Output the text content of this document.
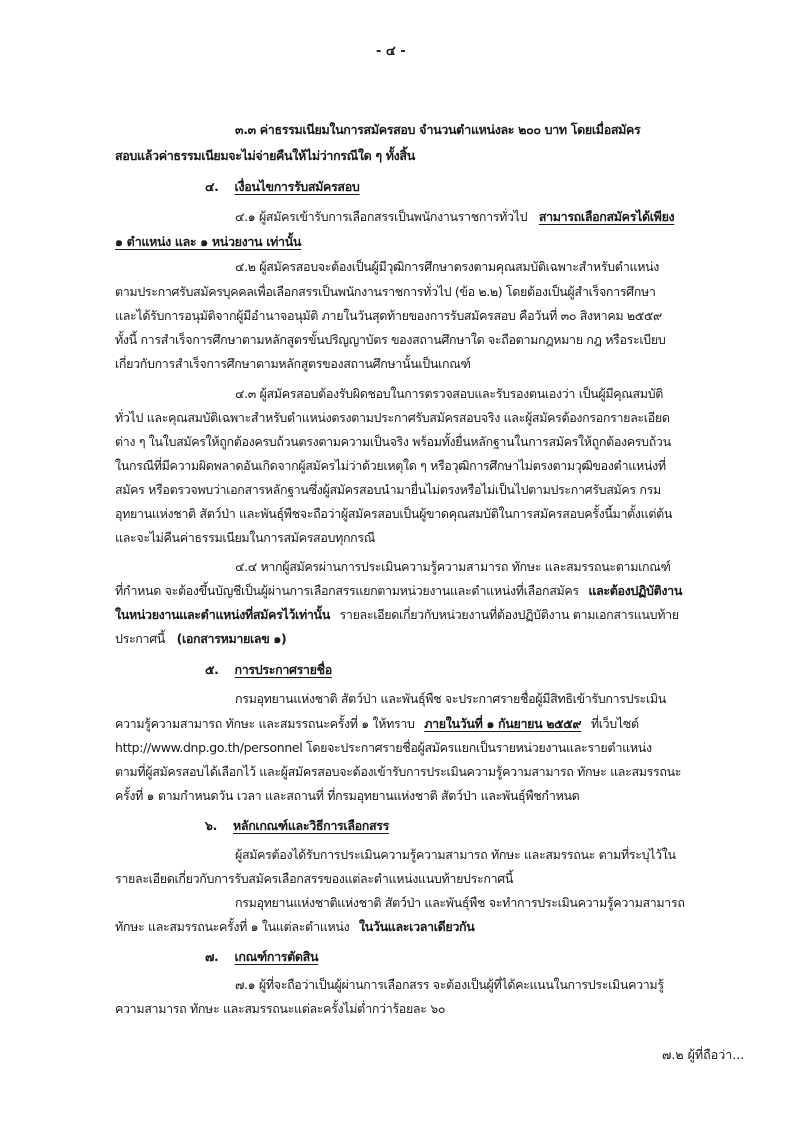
- ๔ -
๓.๓ ค่าธรรมเนียมในการสมัครสอบ จำนวนตำแหน่งละ ๒๐๐ บาท โดยเมื่อสมัคร
สอบแล้วค่าธรรมเนียมจะไม่จ่ายคืนให้ไม่ว่ากรณีใด ๆ ทั้งสิ้น
๔. เงื่อนไขการรับสมัครสอบ
๔.๑ ผู้สมัครเข้ารับการเลือกสรรเป็นพนักงานราชการทั่วไป สามารถเลือกสมัครได้เพียง
๑ ตำแหน่ง และ ๑ หน่วยงาน เท่านั้น
๔.๒ ผู้สมัครสอบจะต้องเป็นผู้มีวุฒิการศึกษาตรงตามคุณสมบัติเฉพาะสำหรับตำแหน่ง
ตามประกาศรับสมัครบุคคลเพื่อเลือกสรรเป็นพนักงานราชการทั่วไป (ข้อ ๒.๒) โดยต้องเป็นผู้สำเร็จการศึกษา
และได้รับการอนุมัติจากผู้มีอำนาจอนุมัติ ภายในวันสุดท้ายของการรับสมัครสอบ คือวันที่ ๓๐ สิงหาคม ๒๕๕๙
ทั้งนี้ การสำเร็จการศึกษาตามหลักสูตรขั้นปริญญาบัตร ของสถานศึกษาใด จะถือตามกฎหมาย กฎ หรือระเบียบ
เกี่ยวกับการสำเร็จการศึกษาตามหลักสูตรของสถานศึกษานั้นเป็นเกณฑ์
๔.๓ ผู้สมัครสอบต้องรับผิดชอบในการตรวจสอบและรับรองตนเองว่า เป็นผู้มีคุณสมบัติ
ทั่วไป และคุณสมบัติเฉพาะสำหรับตำแหน่งตรงตามประกาศรับสมัครสอบจริง และผู้สมัครต้องกรอกรายละเอียด
ต่าง ๆ ในใบสมัครให้ถูกต้องครบถ้วนตรงตามความเป็นจริง พร้อมทั้งยื่นหลักฐานในการสมัครให้ถูกต้องครบถ้วน
ในกรณีที่มีความผิดพลาดอันเกิดจากผู้สมัครไม่ว่าด้วยเหตุใด ๆ หรือวุฒิการศึกษาไม่ตรงตามวุฒิของตำแหน่งที่
สมัคร หรือตรวจพบว่าเอกสารหลักฐานซึ่งผู้สมัครสอบนำมายื่นไม่ตรงหรือไม่เป็นไปตามประกาศรับสมัคร กรม
อุทยานแห่งชาติ สัตว์ป่า และพันธุ์พืชจะถือว่าผู้สมัครสอบเป็นผู้ขาดคุณสมบัติในการสมัครสอบครั้งนี้มาตั้งแต่ต้น
และจะไม่คืนค่าธรรมเนียมในการสมัครสอบทุกกรณี
๔.๔ หากผู้สมัครผ่านการประเมินความรู้ความสามารถ ทักษะ และสมรรถนะตามเกณฑ์
ที่กำหนด จะต้องขึ้นบัญชีเป็นผู้ผ่านการเลือกสรรแยกตามหน่วยงานและตำแหน่งที่เลือกสมัคร และต้องปฏิบัติงาน
ในหน่วยงานและตำแหน่งที่สมัครไว้เท่านั้น รายละเอียดเกี่ยวกับหน่วยงานที่ต้องปฏิบัติงาน ตามเอกสารแนบท้าย
ประกาศนี้ (เอกสารหมายเลข ๑)
๕. การประกาศรายชื่อ
กรมอุทยานแห่งชาติ สัตว์ป่า และพันธุ์พืช จะประกาศรายชื่อผู้มีสิทธิเข้ารับการประเมิน
ความรู้ความสามารถ ทักษะ และสมรรถนะครั้งที่ ๑ ให้ทราบ ภายในวันที่ ๑ กันยายน ๒๕๕๙ ที่เว็บไซต์
http://www.dnp.go.th/personnel โดยจะประกาศรายชื่อผู้สมัครแยกเป็นรายหน่วยงานและรายตำแหน่ง
ตามที่ผู้สมัครสอบได้เลือกไว้ และผู้สมัครสอบจะต้องเข้ารับการประเมินความรู้ความสามารถ ทักษะ และสมรรถนะ
ครั้งที่ ๑ ตามกำหนดวัน เวลา และสถานที่ ที่กรมอุทยานแห่งชาติ สัตว์ป่า และพันธุ์พืชกำหนด
๖. หลักเกณฑ์และวิธีการเลือกสรร
ผู้สมัครต้องได้รับการประเมินความรู้ความสามารถ ทักษะ และสมรรถนะ ตามที่ระบุไว้ใน
รายละเอียดเกี่ยวกับการรับสมัครเลือกสรรของแต่ละตำแหน่งแนบท้ายประกาศนี้
กรมอุทยานแห่งชาติแห่งชาติ สัตว์ป่า และพันธุ์พืช จะทำการประเมินความรู้ความสามารถ
ทักษะ และสมรรถนะครั้งที่ ๑ ในแต่ละตำแหน่ง ในวันและเวลาเดียวกัน
๗. เกณฑ์การตัดสิน
๗.๑ ผู้ที่จะถือว่าเป็นผู้ผ่านการเลือกสรร จะต้องเป็นผู้ที่ได้คะแนนในการประเมินความรู้
ความสามารถ ทักษะ และสมรรถนะแต่ละครั้งไม่ต่ำกว่าร้อยละ ๖๐
๗.๒ ผู้ที่ถือว่า...
